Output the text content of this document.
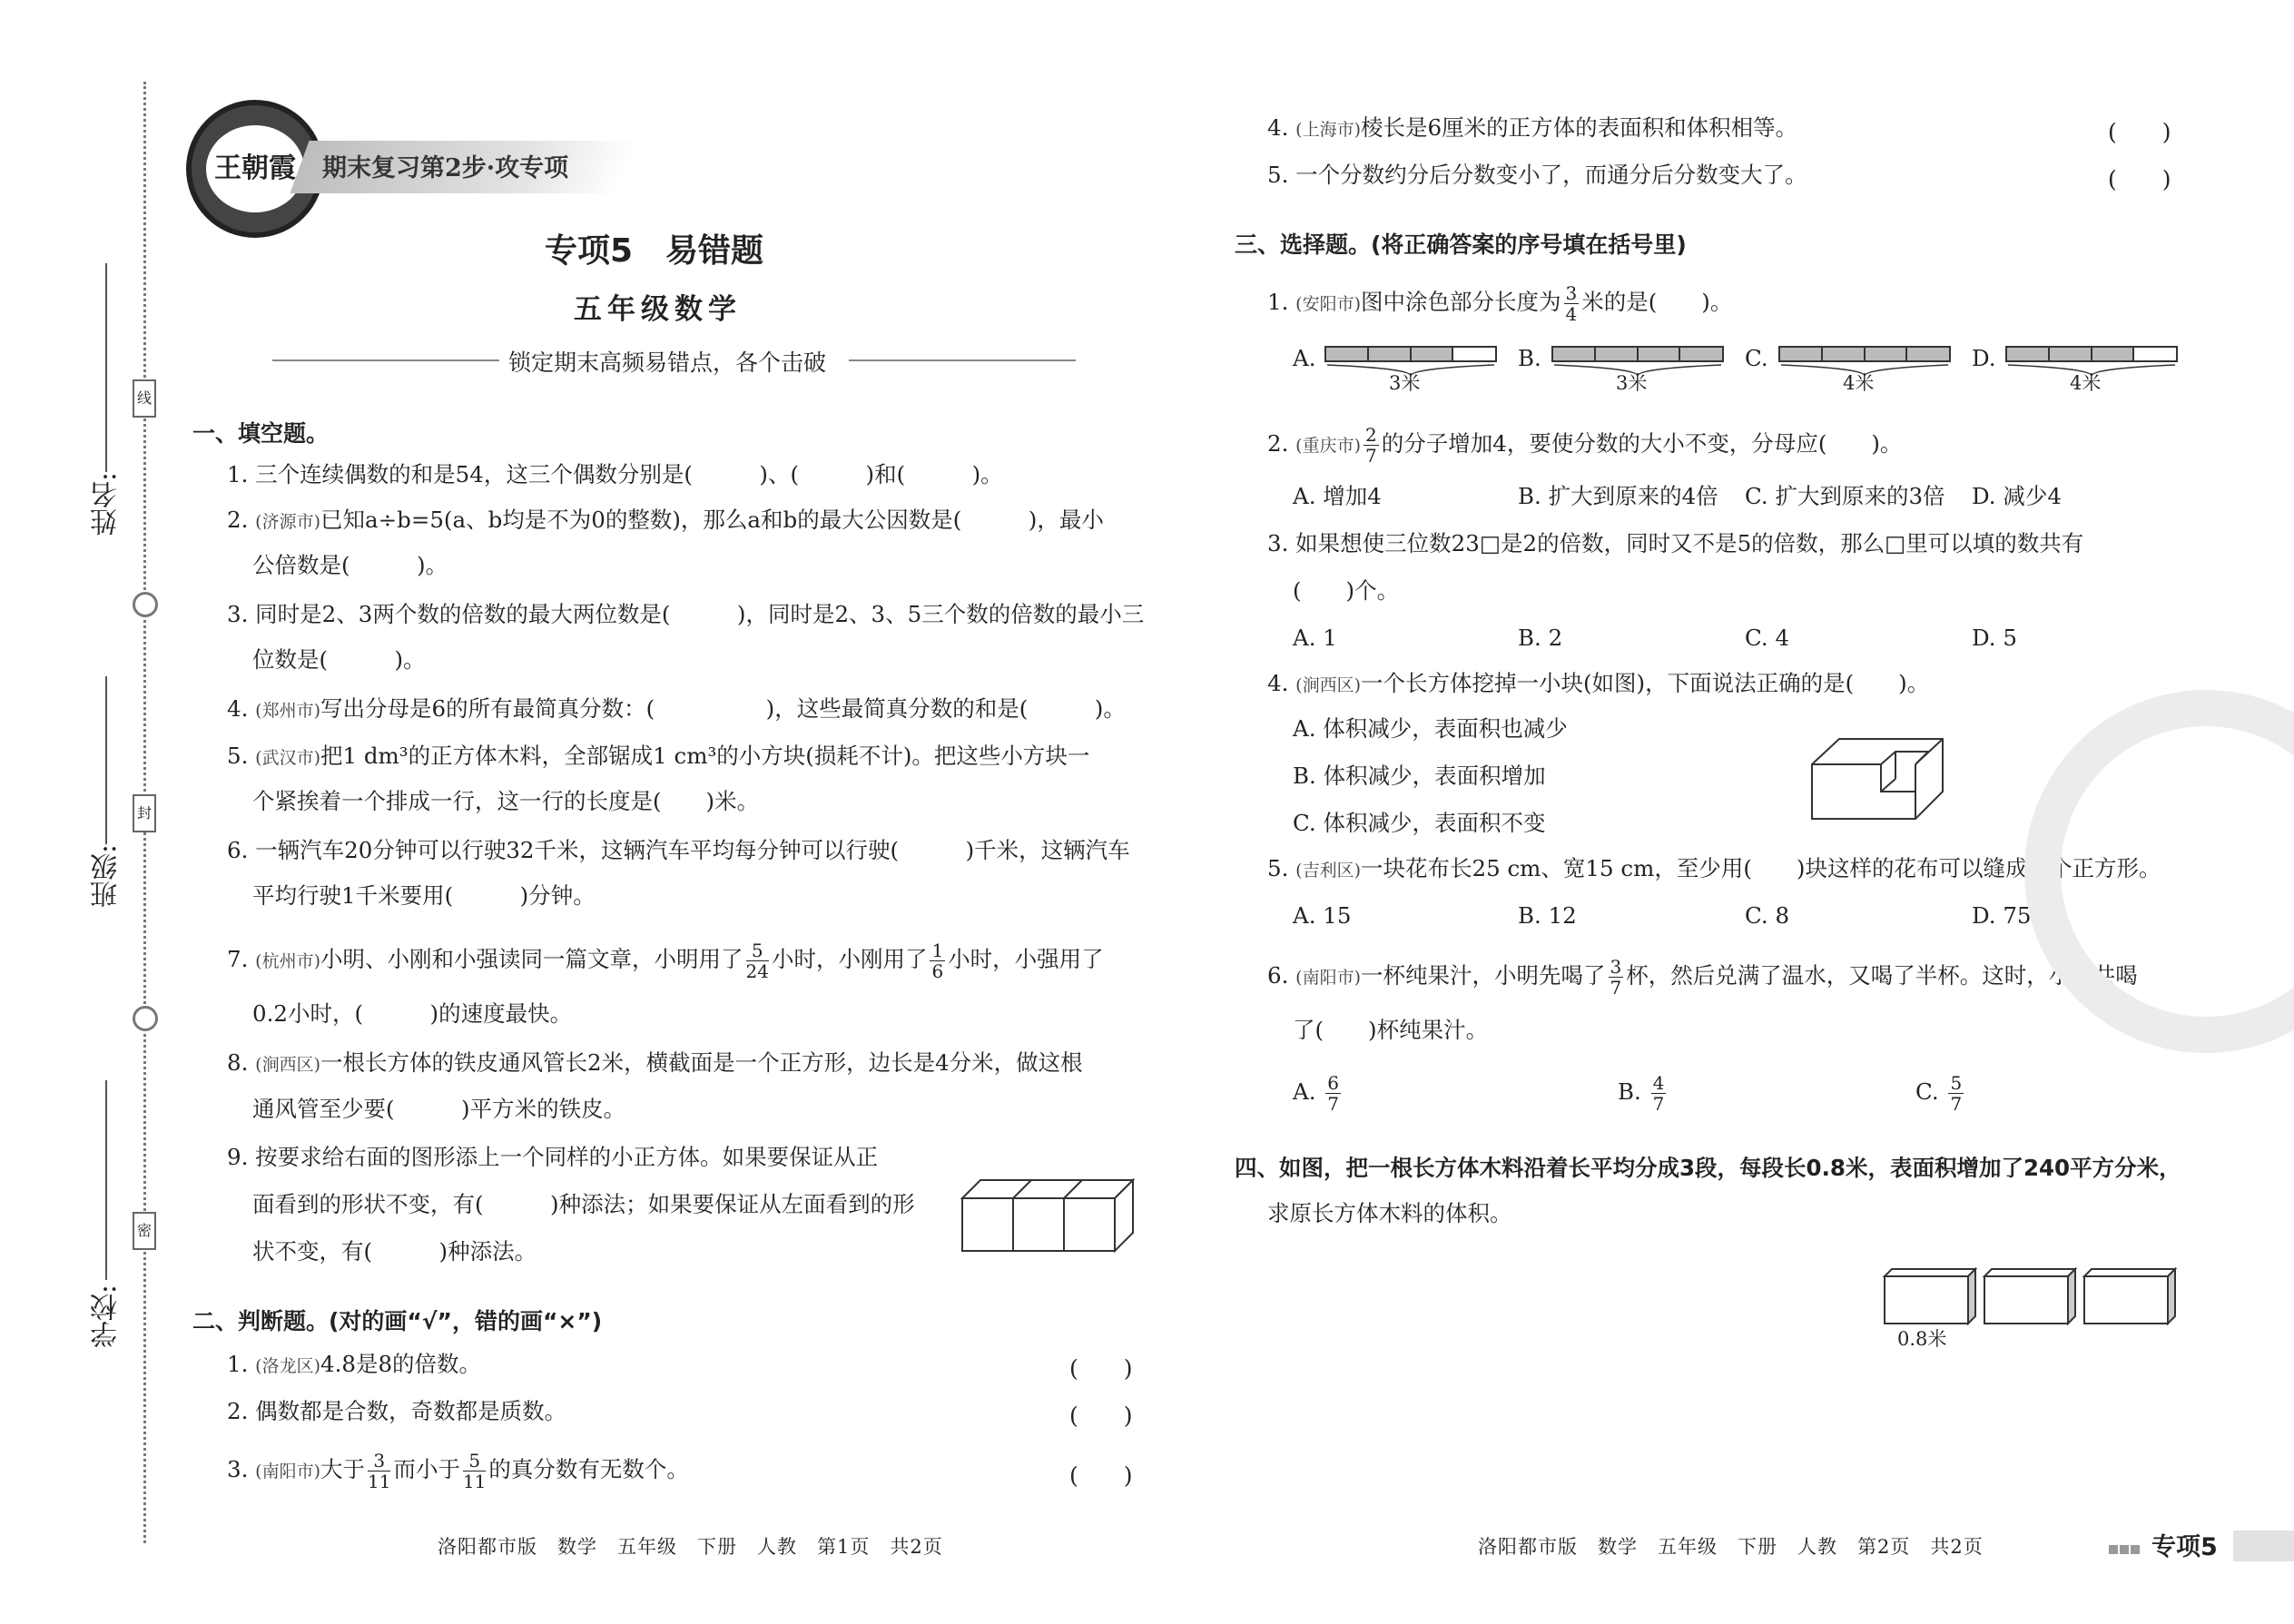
姓名:
班级:
学校:
线
封
密
王朝霞	期末复习第2步·攻专项
专项5　易错题
五年级数学
锁定期末高频易错点，各个击破
一、填空题。
1. 三个连续偶数的和是54，这三个偶数分别是(　　　)、(　　　)和(　　　)。
2. (济源市)已知a÷b=5(a、b均是不为0的整数)，那么a和b的最大公因数是(　　　)，最小
公倍数是(　　　)。
3. 同时是2、3两个数的倍数的最大两位数是(　　　)，同时是2、3、5三个数的倍数的最小三
位数是(　　　)。
4. (郑州市)写出分母是6的所有最简真分数：(　　　　　)，这些最简真分数的和是(　　　)。
5. (武汉市)把1 dm³的正方体木料，全部锯成1 cm³的小方块(损耗不计)。把这些小方块一
个紧挨着一个排成一行，这一行的长度是(　　)米。
6. 一辆汽车20分钟可以行驶32千米，这辆汽车平均每分钟可以行驶(　　　)千米，这辆汽车
平均行驶1千米要用(　　　)分钟。
7. (杭州市)小明、小刚和小强读同一篇文章，小明用了 $\frac{5}{24}$ 小时，小刚用了 $\frac{1}{6}$ 小时，小强用了
0.2小时，(　　　)的速度最快。
8. (涧西区)一根长方体的铁皮通风管长2米，横截面是一个正方形，边长是4分米，做这根
通风管至少要(　　　)平方米的铁皮。
9. 按要求给右面的图形添上一个同样的小正方体。如果要保证从正
面看到的形状不变，有(　　　)种添法；如果要保证从左面看到的形
状不变，有(　　　)种添法。
二、判断题。(对的画“√”，错的画“×”)
1. (洛龙区)4.8是8的倍数。	(　　)
2. 偶数都是合数，奇数都是质数。	(　　)
3. (南阳市)大于 $\frac{3}{11}$ 而小于 $\frac{5}{11}$ 的真分数有无数个。	(　　)
洛阳都市版　数学　五年级　下册　人教　第1页　共2页
4. (上海市)棱长是6厘米的正方体的表面积和体积相等。	(　　)
5. 一个分数约分后分数变小了，而通分后分数变大了。	(　　)
三、选择题。(将正确答案的序号填在括号里)
1. (安阳市)图中涂色部分长度为 $\frac{3}{4}$ 米的是(　　)。
A.	B.	C.	D.
3米	3米	4米	4米
2. (重庆市) $\frac{2}{7}$ 的分子增加4，要使分数的大小不变，分母应(　　)。
A. 增加4	B. 扩大到原来的4倍 C. 扩大到原来的3倍 D. 减少4
3. 如果想使三位数23□是2的倍数，同时又不是5的倍数，那么□里可以填的数共有
(　　)个。
A. 1	B. 2	C. 4	D. 5
4. (涧西区)一个长方体挖掉一小块(如图)，下面说法正确的是(　　)。
A. 体积减少，表面积也减少
B. 体积减少，表面积增加
C. 体积减少，表面积不变
5. (吉利区)一块花布长25 cm、宽15 cm，至少用(　　)块这样的花布可以缝成一个正方形。
A. 15	B. 12	C. 8	D. 75
6. (南阳市)一杯纯果汁，小明先喝了 $\frac{3}{7}$ 杯，然后兑满了温水，又喝了半杯。这时，小明共喝
了(　　)杯纯果汁。
A. $\frac{6}{7}$	B. $\frac{4}{7}$	C. $\frac{5}{7}$
四、如图，把一根长方体木料沿着长平均分成3段，每段长0.8米，表面积增加了240平方分米，
求原长方体木料的体积。
0.8米
洛阳都市版　数学　五年级　下册　人教　第2页　共2页	专项5
